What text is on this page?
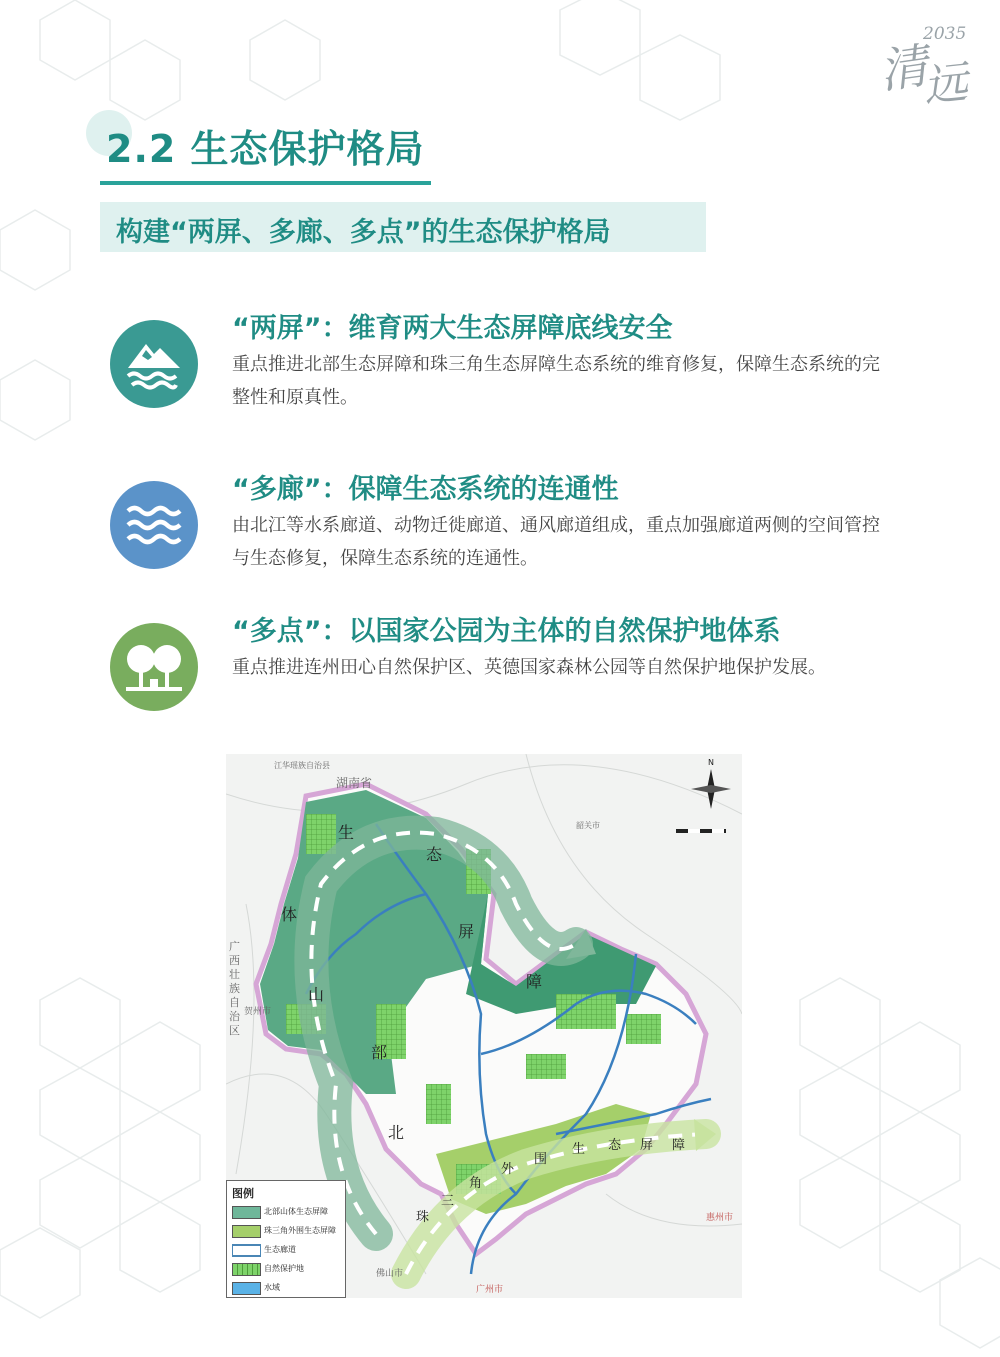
清
2035
远
2.2 生态保护格局
构建“两屏、多廊、多点”的生态保护格局
“两屏”：维育两大生态屏障底线安全
重点推进北部生态屏障和珠三角生态屏障生态系统的维育修复，保障生态系统的完整性和原真性。
“多廊”：保障生态系统的连通性
由北江等水系廊道、动物迁徙廊道、通风廊道组成，重点加强廊道两侧的空间管控与生态修复，保障生态系统的连通性。
“多点”：以国家公园为主体的自然保护地体系
重点推进连州田心自然保护区、英德国家森林公园等自然保护地保护发展。
N
生
态
屏
障
山
体
部
北
珠
三
角
外
围
生 态 屏 障
湖南省
江华瑶族自治县
韶关市
广西壮族自治区
贺州市
广州市
佛山市
惠州市
图例
北部山体生态屏障
珠三角外围生态屏障
生态廊道
自然保护地
水域
